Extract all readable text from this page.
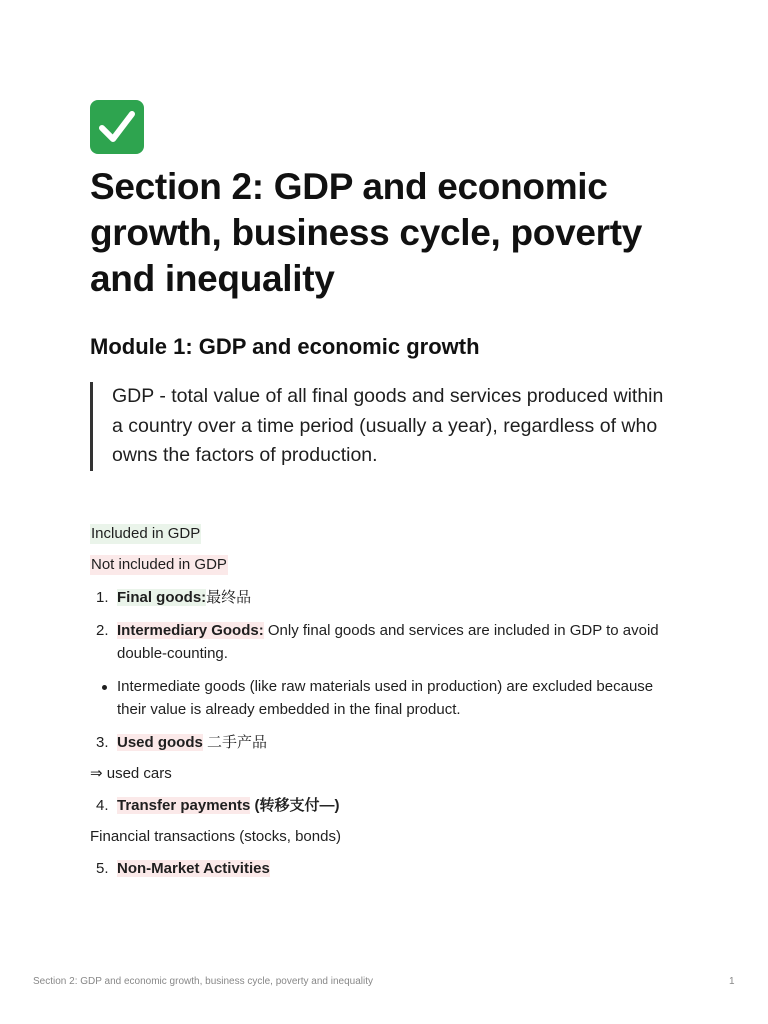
Section 2: GDP and economic growth, business cycle, poverty and inequality
Module 1: GDP and economic growth
GDP - total value of all final goods and services produced within a country over a time period (usually a year), regardless of who owns the factors of production.
Included in GDP
Not included in GDP
1. Final goods:最终品
2. Intermediary Goods: Only final goods and services are included in GDP to avoid double-counting.
Intermediate goods (like raw materials used in production) are excluded because their value is already embedded in the final product.
3. Used goods 二手产品
⇒ used cars
4. Transfer payments (转移支付—)
Financial transactions (stocks, bonds)
5. Non-Market Activities
Section 2: GDP and economic growth, business cycle, poverty and inequality	1
